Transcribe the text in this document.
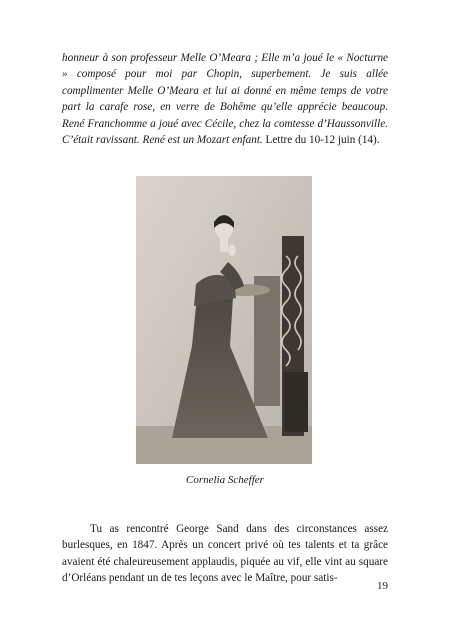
honneur à son professeur Melle O’Meara ; Elle m’a joué le « Nocturne » composé pour moi par Chopin, superbement. Je suis allée complimenter Melle O’Meara et lui ai donné en même temps de votre part la carafe rose, en verre de Bohême qu’elle apprécie beaucoup. René Franchomme a joué avec Cécile, chez la comtesse d’Haussonville. C’était ravissant. René est un Mozart enfant. Lettre du 10-12 juin (14).

Cornelia Scheffer

Tu as rencontré George Sand dans des circonstances assez burlesques, en 1847. Après un concert privé où tes talents et ta grâce avaient été chaleureusement applaudis, piquée au vif, elle vint au square d’Orléans pendant un de tes leçons avec le Maître, pour satis-

19
